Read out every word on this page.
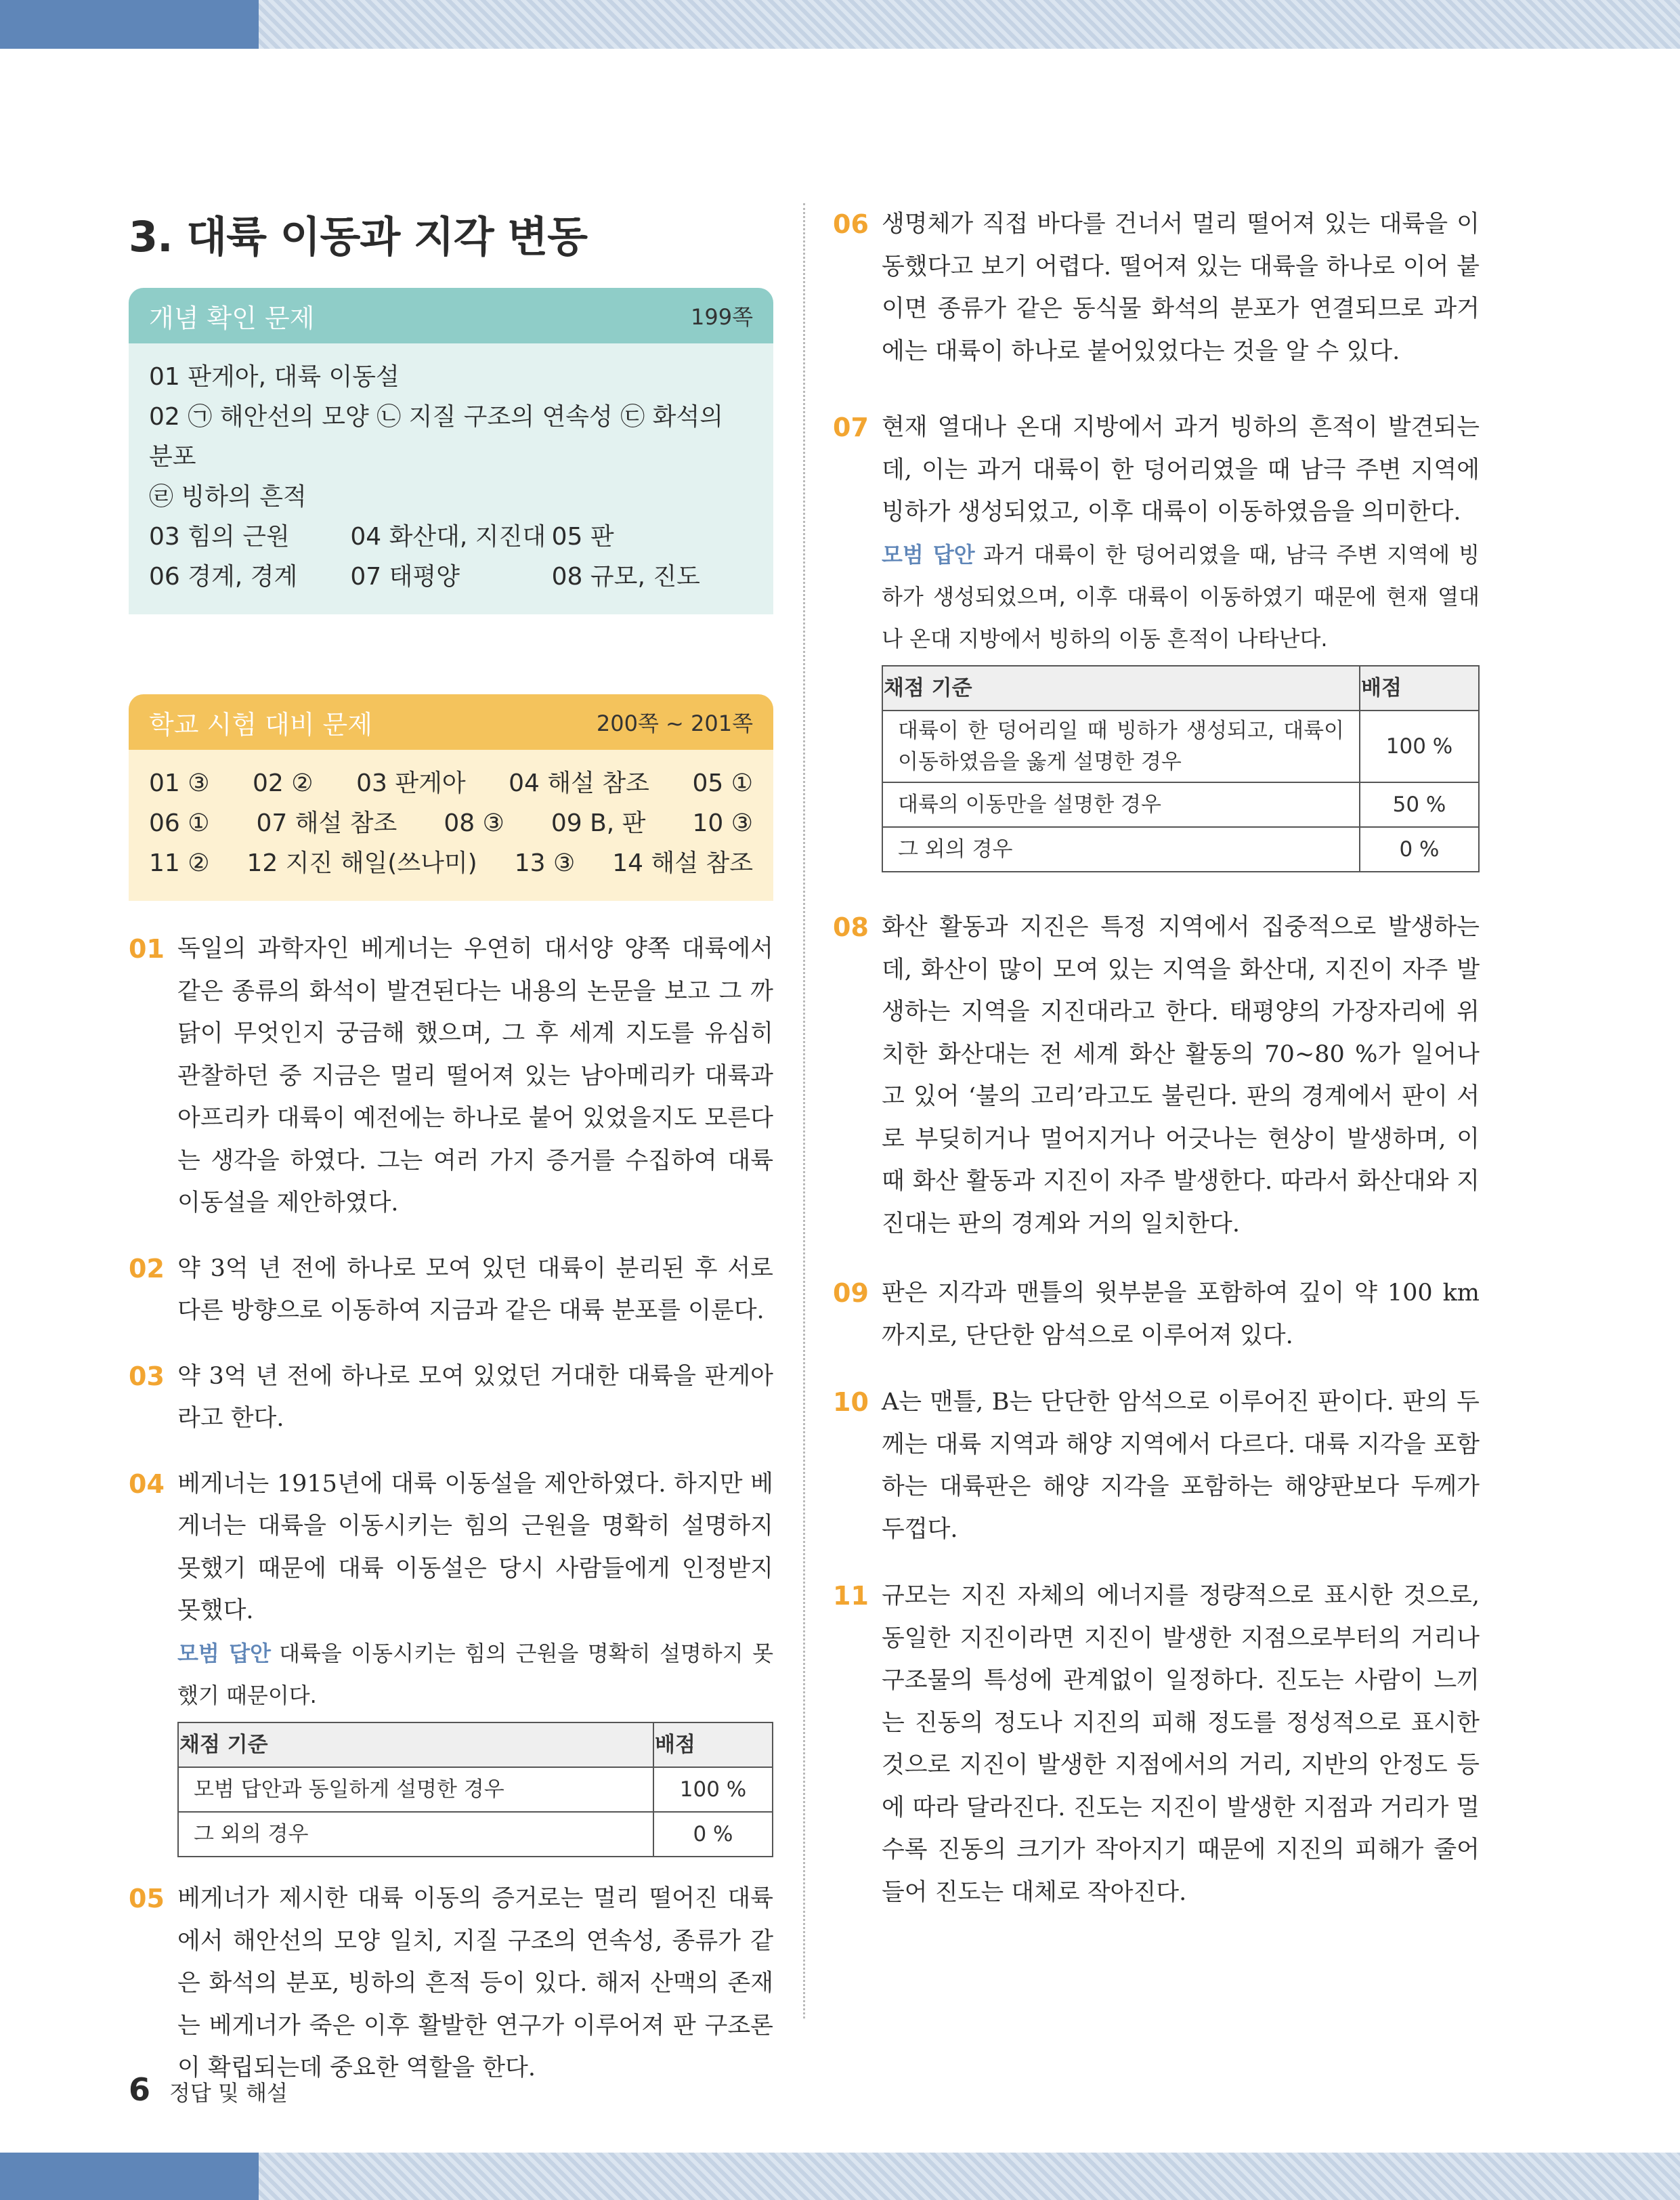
3. 대륙 이동과 지각 변동
개념 확인 문제	199쪽
01 판게아, 대륙 이동설
02 ㉠ 해안선의 모양 ㉡ 지질 구조의 연속성 ㉢ 화석의 분포
㉣ 빙하의 흔적
03 힘의 근원	04 화산대, 지진대 05 판
06 경계, 경계	07 태평양	08 규모, 진도
학교 시험 대비 문제	200쪽 ~ 201쪽
01 ③ 02 ② 03 판게아 04 해설 참조 05 ①
06 ① 07 해설 참조 08 ③ 09 B, 판 10 ③
11 ② 12 지진 해일(쓰나미) 13 ③ 14 해설 참조
01 독일의 과학자인 베게너는 우연히 대서양 양쪽 대륙에서 같은 종류의 화석이 발견된다는 내용의 논문을 보고 그 까닭이 무엇인지 궁금해 했으며, 그 후 세계 지도를 유심히 관찰하던 중 지금은 멀리 떨어져 있는 남아메리카 대륙과 아프리카 대륙이 예전에는 하나로 붙어 있었을지도 모른다는 생각을 하였다. 그는 여러 가지 증거를 수집하여 대륙 이동설을 제안하였다.
02 약 3억 년 전에 하나로 모여 있던 대륙이 분리된 후 서로 다른 방향으로 이동하여 지금과 같은 대륙 분포를 이룬다.
03 약 3억 년 전에 하나로 모여 있었던 거대한 대륙을 판게아라고 한다.
04 베게너는 1915년에 대륙 이동설을 제안하였다. 하지만 베게너는 대륙을 이동시키는 힘의 근원을 명확히 설명하지 못했기 때문에 대륙 이동설은 당시 사람들에게 인정받지 못했다.
모범 답안 대륙을 이동시키는 힘의 근원을 명확히 설명하지 못했기 때문이다.
채점 기준	배점
모범 답안과 동일하게 설명한 경우	100 %
그 외의 경우	0 %
05 베게너가 제시한 대륙 이동의 증거로는 멀리 떨어진 대륙에서 해안선의 모양 일치, 지질 구조의 연속성, 종류가 같은 화석의 분포, 빙하의 흔적 등이 있다. 해저 산맥의 존재는 베게너가 죽은 이후 활발한 연구가 이루어져 판 구조론이 확립되는데 중요한 역할을 한다.
06 생명체가 직접 바다를 건너서 멀리 떨어져 있는 대륙을 이동했다고 보기 어렵다. 떨어져 있는 대륙을 하나로 이어 붙이면 종류가 같은 동식물 화석의 분포가 연결되므로 과거에는 대륙이 하나로 붙어있었다는 것을 알 수 있다.
07 현재 열대나 온대 지방에서 과거 빙하의 흔적이 발견되는데, 이는 과거 대륙이 한 덩어리였을 때 남극 주변 지역에 빙하가 생성되었고, 이후 대륙이 이동하였음을 의미한다.
모범 답안 과거 대륙이 한 덩어리였을 때, 남극 주변 지역에 빙하가 생성되었으며, 이후 대륙이 이동하였기 때문에 현재 열대나 온대 지방에서 빙하의 이동 흔적이 나타난다.
채점 기준	배점
대륙이 한 덩어리일 때 빙하가 생성되고, 대륙이 이동하였음을 옳게 설명한 경우	100 %
대륙의 이동만을 설명한 경우	50 %
그 외의 경우	0 %
08 화산 활동과 지진은 특정 지역에서 집중적으로 발생하는데, 화산이 많이 모여 있는 지역을 화산대, 지진이 자주 발생하는 지역을 지진대라고 한다. 태평양의 가장자리에 위치한 화산대는 전 세계 화산 활동의 70~80 %가 일어나고 있어 ‘불의 고리’라고도 불린다. 판의 경계에서 판이 서로 부딪히거나 멀어지거나 어긋나는 현상이 발생하며, 이때 화산 활동과 지진이 자주 발생한다. 따라서 화산대와 지진대는 판의 경계와 거의 일치한다.
09 판은 지각과 맨틀의 윗부분을 포함하여 깊이 약 100 km까지로, 단단한 암석으로 이루어져 있다.
10 A는 맨틀, B는 단단한 암석으로 이루어진 판이다. 판의 두께는 대륙 지역과 해양 지역에서 다르다. 대륙 지각을 포함하는 대륙판은 해양 지각을 포함하는 해양판보다 두께가 두껍다.
11 규모는 지진 자체의 에너지를 정량적으로 표시한 것으로, 동일한 지진이라면 지진이 발생한 지점으로부터의 거리나 구조물의 특성에 관계없이 일정하다. 진도는 사람이 느끼는 진동의 정도나 지진의 피해 정도를 정성적으로 표시한 것으로 지진이 발생한 지점에서의 거리, 지반의 안정도 등에 따라 달라진다. 진도는 지진이 발생한 지점과 거리가 멀수록 진동의 크기가 작아지기 때문에 지진의 피해가 줄어들어 진도는 대체로 작아진다.
6 정답 및 해설
